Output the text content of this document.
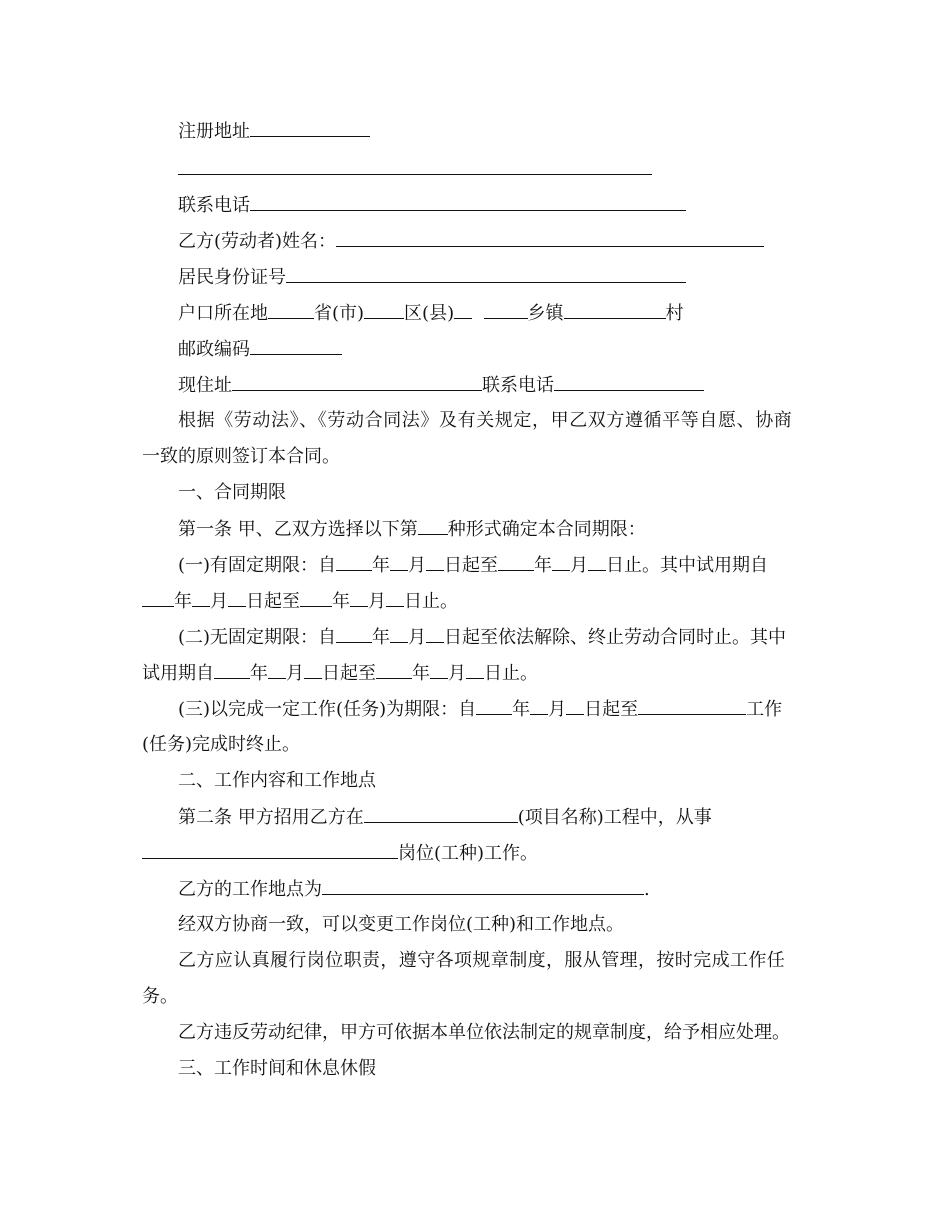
注册地址
联系电话
乙方(劳动者)姓名：
居民身份证号
户口所在地	省(市) 区(县)	乡镇	村
邮政编码
现住址	联系电话
根据《劳动法》、《劳动合同法》及有关规定，甲乙双方遵循平等自愿、协商
一致的原则签订本合同。
一、合同期限
第一条 甲、乙双方选择以下第 种形式确定本合同期限：
(一)有固定期限：自 年 月 日起至 年 月 日止。其中试用期自
年 月 日起至 年 月 日止。
(二)无固定期限：自 年 月 日起至依法解除、终止劳动合同时止。其中
试用期自 年 月 日起至 年 月 日止。
(三)以完成一定工作(任务)为期限：自 年 月 日起至	工作
(任务)完成时终止。
二、工作内容和工作地点
第二条 甲方招用乙方在	(项目名称)工程中，从事
岗位(工种)工作。
乙方的工作地点为	.
经双方协商一致，可以变更工作岗位(工种)和工作地点。
乙方应认真履行岗位职责，遵守各项规章制度，服从管理，按时完成工作任
务。
乙方违反劳动纪律，甲方可依据本单位依法制定的规章制度，给予相应处理。
三、工作时间和休息休假
